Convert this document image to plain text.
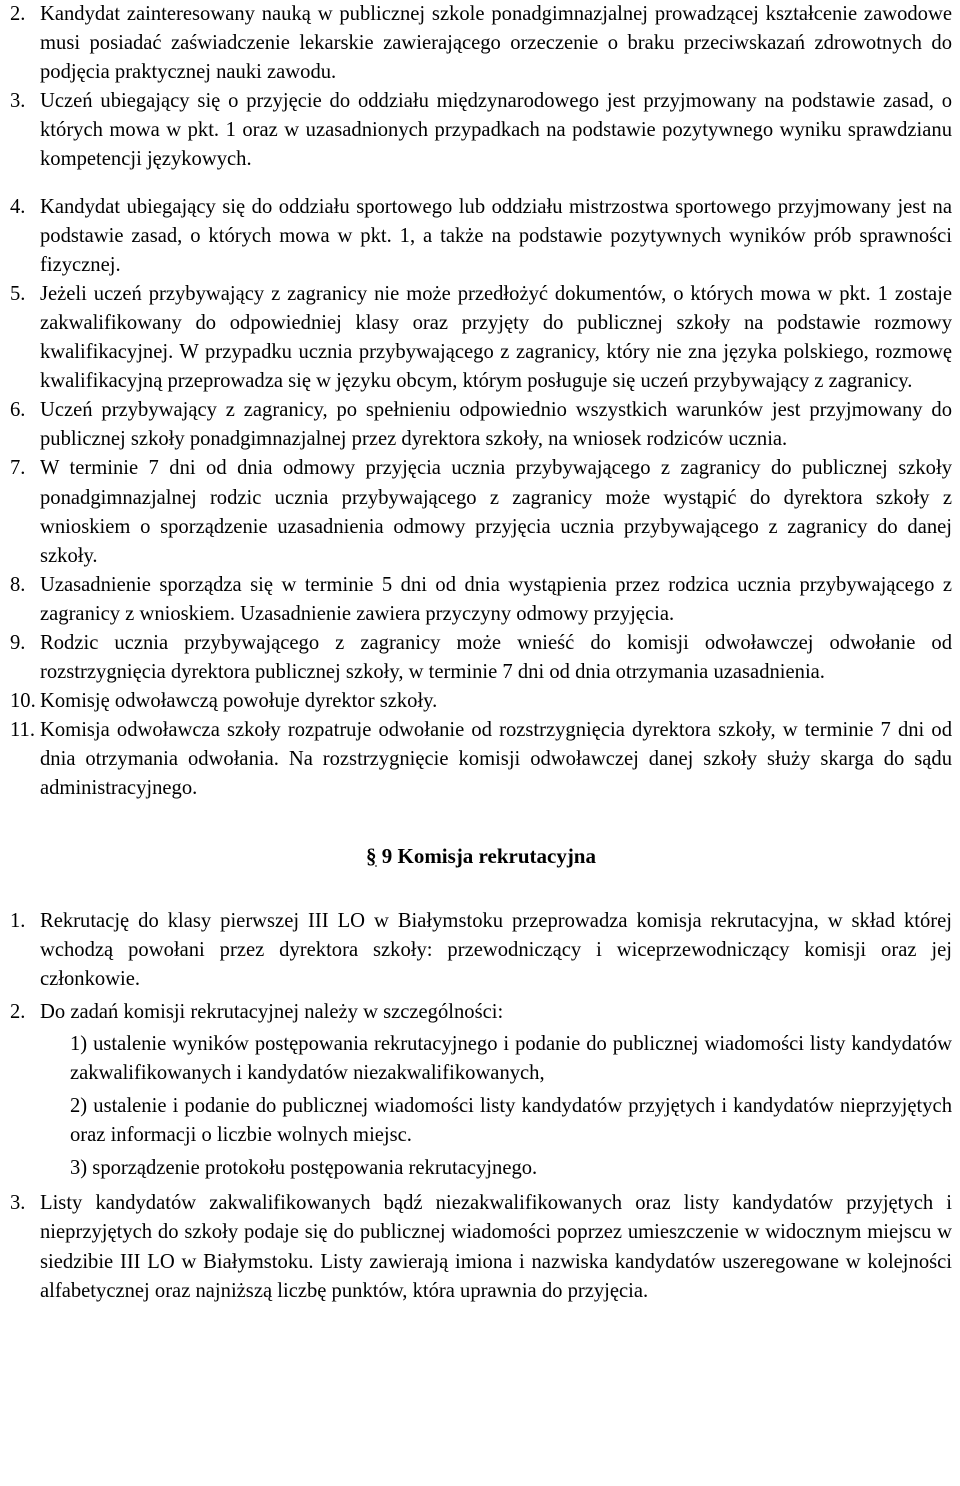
2. Kandydat zainteresowany nauką w publicznej szkole ponadgimnazjalnej prowadzącej kształcenie zawodowe musi posiadać zaświadczenie lekarskie zawierającego orzeczenie o braku przeciwskazań zdrowotnych do podjęcia praktycznej nauki zawodu.
3. Uczeń ubiegający się o przyjęcie do oddziału międzynarodowego jest przyjmowany na podstawie zasad, o których mowa w pkt. 1 oraz w uzasadnionych przypadkach na podstawie pozytywnego wyniku sprawdzianu kompetencji językowych.
4. Kandydat ubiegający się do oddziału sportowego lub oddziału mistrzostwa sportowego przyjmowany jest na podstawie zasad, o których mowa w pkt. 1, a także na podstawie pozytywnych wyników prób sprawności fizycznej.
5. Jeżeli uczeń przybywający z zagranicy nie może przedłożyć dokumentów, o których mowa w pkt. 1 zostaje zakwalifikowany do odpowiedniej klasy oraz przyjęty do publicznej szkoły na podstawie rozmowy kwalifikacyjnej. W przypadku ucznia przybywającego z zagranicy, który nie zna języka polskiego, rozmowę kwalifikacyjną przeprowadza się w języku obcym, którym posługuje się uczeń przybywający z zagranicy.
6. Uczeń przybywający z zagranicy, po spełnieniu odpowiednio wszystkich warunków jest przyjmowany do publicznej szkoły ponadgimnazjalnej przez dyrektora szkoły, na wniosek rodziców ucznia.
7. W terminie 7 dni od dnia odmowy przyjęcia ucznia przybywającego z zagranicy do publicznej szkoły ponadgimnazjalnej rodzic ucznia przybywającego z zagranicy może wystąpić do dyrektora szkoły z wnioskiem o sporządzenie uzasadnienia odmowy przyjęcia ucznia przybywającego z zagranicy do danej szkoły.
8. Uzasadnienie sporządza się w terminie 5 dni od dnia wystąpienia przez rodzica ucznia przybywającego z zagranicy z wnioskiem. Uzasadnienie zawiera przyczyny odmowy przyjęcia.
9. Rodzic ucznia przybywającego z zagranicy może wnieść do komisji odwoławczej odwołanie od rozstrzygnięcia dyrektora publicznej szkoły, w terminie 7 dni od dnia otrzymania uzasadnienia.
10. Komisję odwoławczą powołuje dyrektor szkoły.
11. Komisja odwoławcza szkoły rozpatruje odwołanie od rozstrzygnięcia dyrektora szkoły, w terminie 7 dni od dnia otrzymania odwołania. Na rozstrzygnięcie komisji odwoławczej danej szkoły służy skarga do sądu administracyjnego.
§ 9 Komisja rekrutacyjna
1. Rekrutację do klasy pierwszej III LO w Białymstoku przeprowadza komisja rekrutacyjna, w skład której wchodzą powołani przez dyrektora szkoły: przewodniczący i wiceprzewodniczący komisji oraz jej członkowie.
2. Do zadań komisji rekrutacyjnej należy w szczególności:
1) ustalenie wyników postępowania rekrutacyjnego i podanie do publicznej wiadomości listy kandydatów zakwalifikowanych i kandydatów niezakwalifikowanych,
2) ustalenie i podanie do publicznej wiadomości listy kandydatów przyjętych i kandydatów nieprzyjętych oraz informacji o liczbie wolnych miejsc.
3) sporządzenie protokołu postępowania rekrutacyjnego.
3. Listy kandydatów zakwalifikowanych bądź niezakwalifikowanych oraz listy kandydatów przyjętych i nieprzyjętych do szkoły podaje się do publicznej wiadomości poprzez umieszczenie w widocznym miejscu w siedzibie III LO w Białymstoku. Listy zawierają imiona i nazwiska kandydatów uszeregowane w kolejności alfabetycznej oraz najniższą liczbę punktów, która uprawnia do przyjęcia.
